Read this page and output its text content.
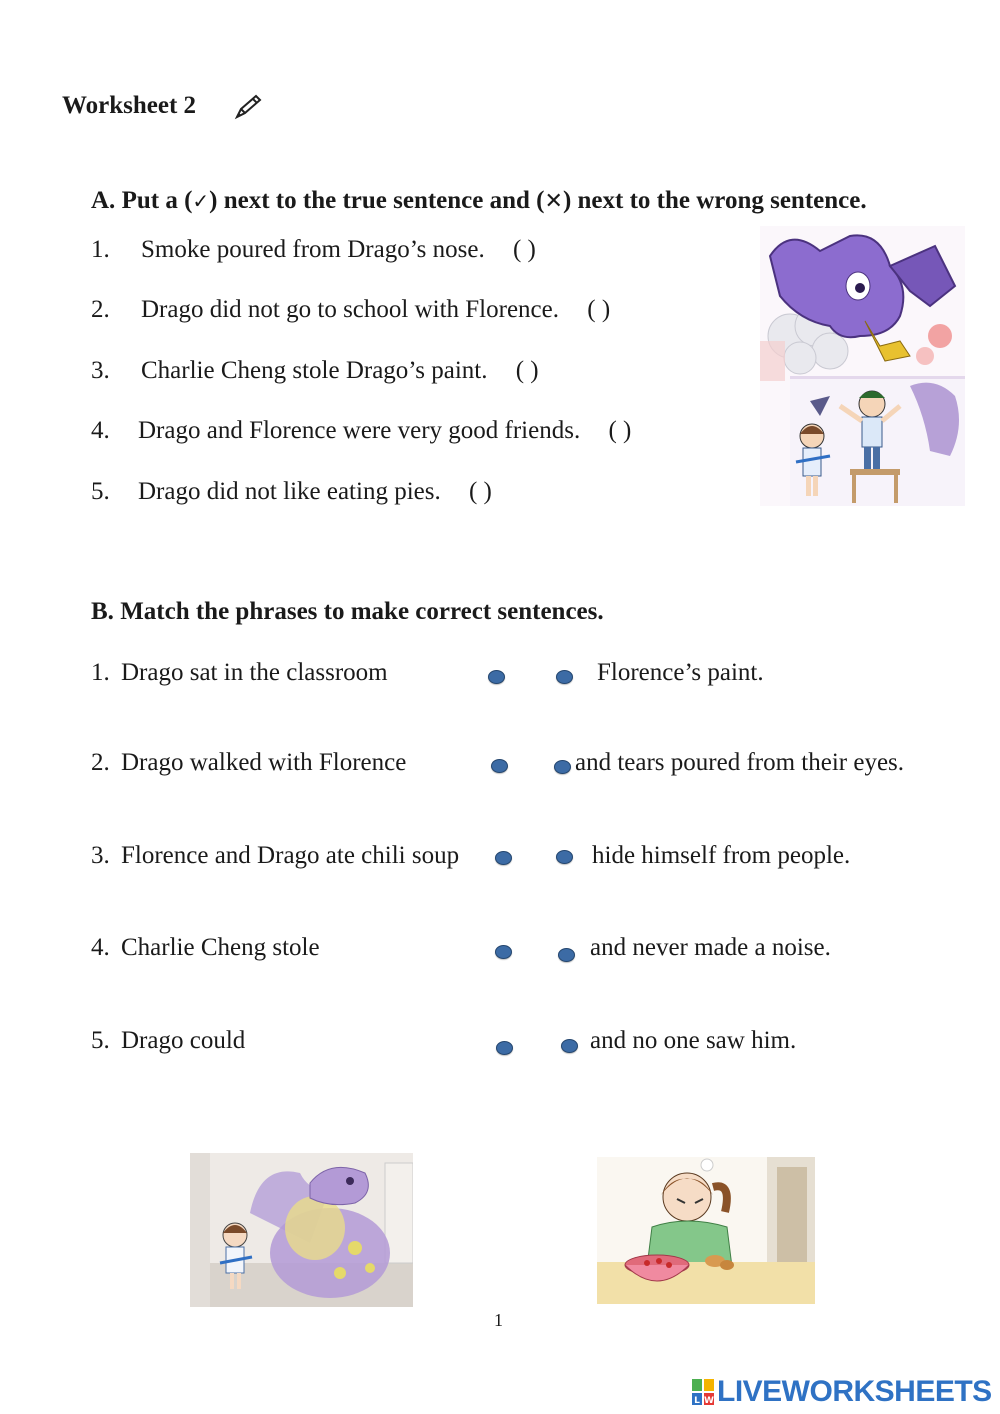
Worksheet 2
A. Put a (✓) next to the true sentence and (✕) next to the wrong sentence.
1. Smoke poured from Drago’s nose. ( )
2. Drago did not go to school with Florence. ( )
3. Charlie Cheng stole Drago’s paint. ( )
4. Drago and Florence were very good friends. ( )
5. Drago did not like eating pies. ( )
B. Match the phrases to make correct sentences.
1. Drago sat in the classroom
2. Drago walked with Florence
3. Florence and Drago ate chili soup
4. Charlie Cheng stole
5. Drago could
Florence’s paint.
and tears poured from their eyes.
hide himself from people.
and never made a noise.
and no one saw him.
1
L W LIVEWORKSHEETS
